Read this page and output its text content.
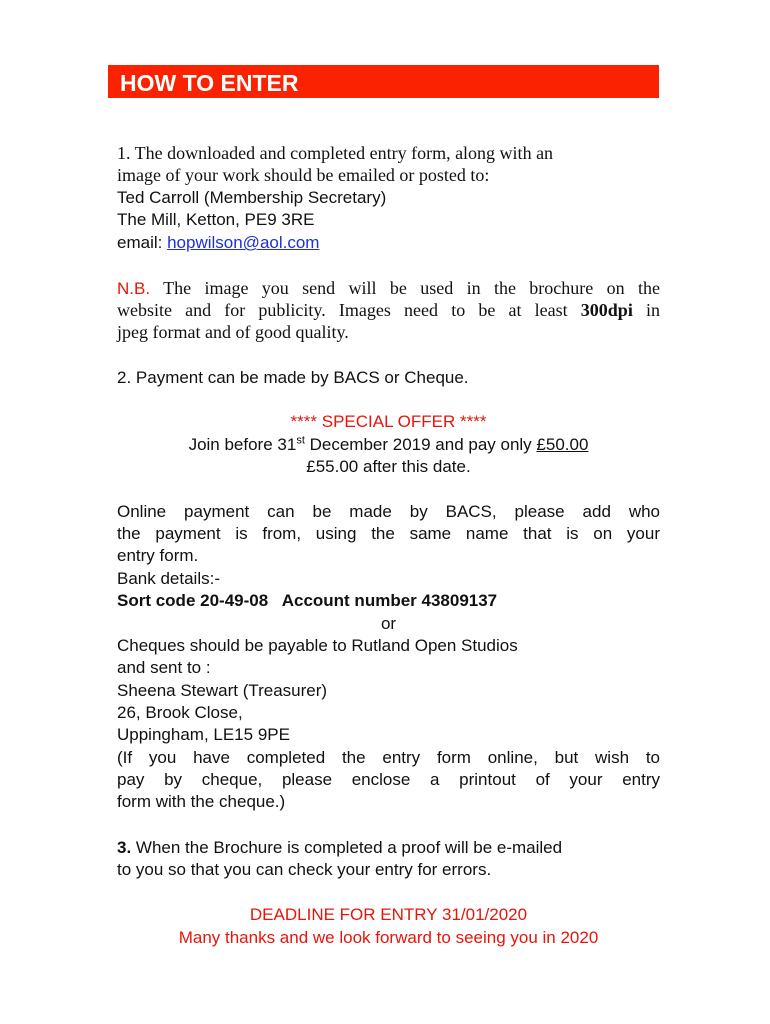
HOW TO ENTER
1. The downloaded and completed entry form, along with an
image of your work should be emailed or posted to:
Ted Carroll (Membership Secretary)
The Mill, Ketton, PE9 3RE
email: hopwilson@aol.com
N.B. The image you send will be used in the brochure on the
website and for publicity. Images need to be at least 300dpi in
jpeg format and of good quality.
2. Payment can be made by BACS or Cheque.
**** SPECIAL OFFER ****
Join before 31st December 2019 and pay only £50.00
£55.00 after this date.
Online payment can be made by BACS, please add who
the payment is from, using the same name that is on your
entry form.
Bank details:-
Sort code 20-49-08   Account number 43809137
or
Cheques should be payable to Rutland Open Studios
and sent to :
Sheena Stewart (Treasurer)
26, Brook Close,
Uppingham, LE15 9PE
(If you have completed the entry form online, but wish to
pay by cheque, please enclose a printout of your entry
form with the cheque.)
3. When the Brochure is completed a proof will be e-mailed
to you so that you can check your entry for errors.
DEADLINE FOR ENTRY 31/01/2020
Many thanks and we look forward to seeing you in 2020
